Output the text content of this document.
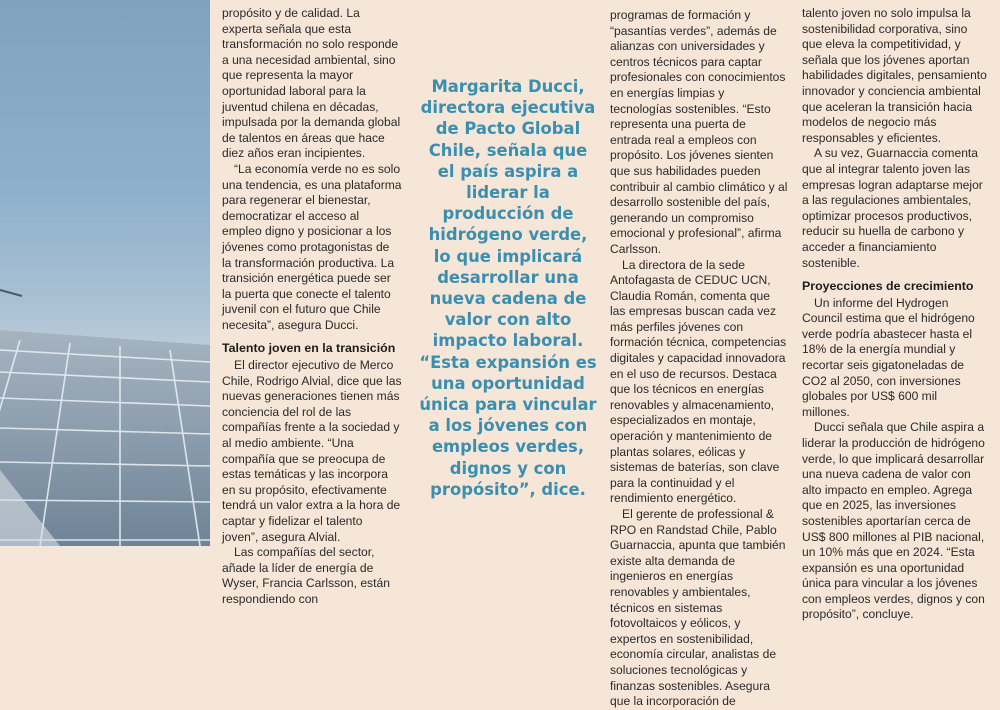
propósito y de calidad. La experta señala que esta transformación no solo responde a una necesidad ambiental, sino que representa la mayor oportunidad laboral para la juventud chilena en décadas, impulsada por la demanda global de talentos en áreas que hace diez años eran incipientes.

“La economía verde no es solo una tendencia, es una plataforma para regenerar el bienestar, democratizar el acceso al empleo digno y posicionar a los jóvenes como protagonistas de la transformación productiva. La transición energética puede ser la puerta que conecte el talento juvenil con el futuro que Chile necesita”, asegura Ducci.

Talento joven en la transición

El director ejecutivo de Merco Chile, Rodrigo Alvial, dice que las nuevas generaciones tienen más conciencia del rol de las compañías frente a la sociedad y al medio ambiente. “Una compañía que se preocupa de estas temáticas y las incorpora en su propósito, efectivamente tendrá un valor extra a la hora de captar y fidelizar el talento joven”, asegura Alvial.

Las compañías del sector, añade la líder de energía de Wyser, Francia Carlsson, están respondiendo con

Margarita Ducci, directora ejecutiva de Pacto Global Chile, señala que el país aspira a liderar la producción de hidrógeno verde, lo que implicará desarrollar una nueva cadena de valor con alto impacto laboral. “Esta expansión es una oportunidad única para vincular a los jóvenes con empleos verdes, dignos y con propósito”, dice.

programas de formación y “pasantías verdes”, además de alianzas con universidades y centros técnicos para captar profesionales con conocimientos en energías limpias y tecnologías sostenibles. “Esto representa una puerta de entrada real a empleos con propósito. Los jóvenes sienten que sus habilidades pueden contribuir al cambio climático y al desarrollo sostenible del país, generando un compromiso emocional y profesional”, afirma Carlsson.

La directora de la sede Antofagasta de CEDUC UCN, Claudia Román, comenta que las empresas buscan cada vez más perfiles jóvenes con formación técnica, competencias digitales y capacidad innovadora en el uso de recursos. Destaca que los técnicos en energías renovables y almacenamiento, especializados en montaje, operación y mantenimiento de plantas solares, eólicas y sistemas de baterías, son clave para la continuidad y el rendimiento energético.

El gerente de professional & RPO en Randstad Chile, Pablo Guarnaccia, apunta que también existe alta demanda de ingenieros en energías renovables y ambientales, técnicos en sistemas fotovoltaicos y eólicos, y expertos en sostenibilidad, economía circular, analistas de soluciones tecnológicas y finanzas sostenibles. Asegura que la incorporación de

talento joven no solo impulsa la sostenibilidad corporativa, sino que eleva la competitividad, y señala que los jóvenes aportan habilidades digitales, pensamiento innovador y conciencia ambiental que aceleran la transición hacia modelos de negocio más responsables y eficientes.

A su vez, Guarnaccia comenta que al integrar talento joven las empresas logran adaptarse mejor a las regulaciones ambientales, optimizar procesos productivos, reducir su huella de carbono y acceder a financiamiento sostenible.

Proyecciones de crecimiento

Un informe del Hydrogen Council estima que el hidrógeno verde podría abastecer hasta el 18% de la energía mundial y recortar seis gigatoneladas de CO2 al 2050, con inversiones globales por US$ 600 mil millones.

Ducci señala que Chile aspira a liderar la producción de hidrógeno verde, lo que implicará desarrollar una nueva cadena de valor con alto impacto en empleo. Agrega que en 2025, las inversiones sostenibles aportarían cerca de US$ 800 millones al PIB nacional, un 10% más que en 2024. “Esta expansión es una oportunidad única para vincular a los jóvenes con empleos verdes, dignos y con propósito”, concluye.
